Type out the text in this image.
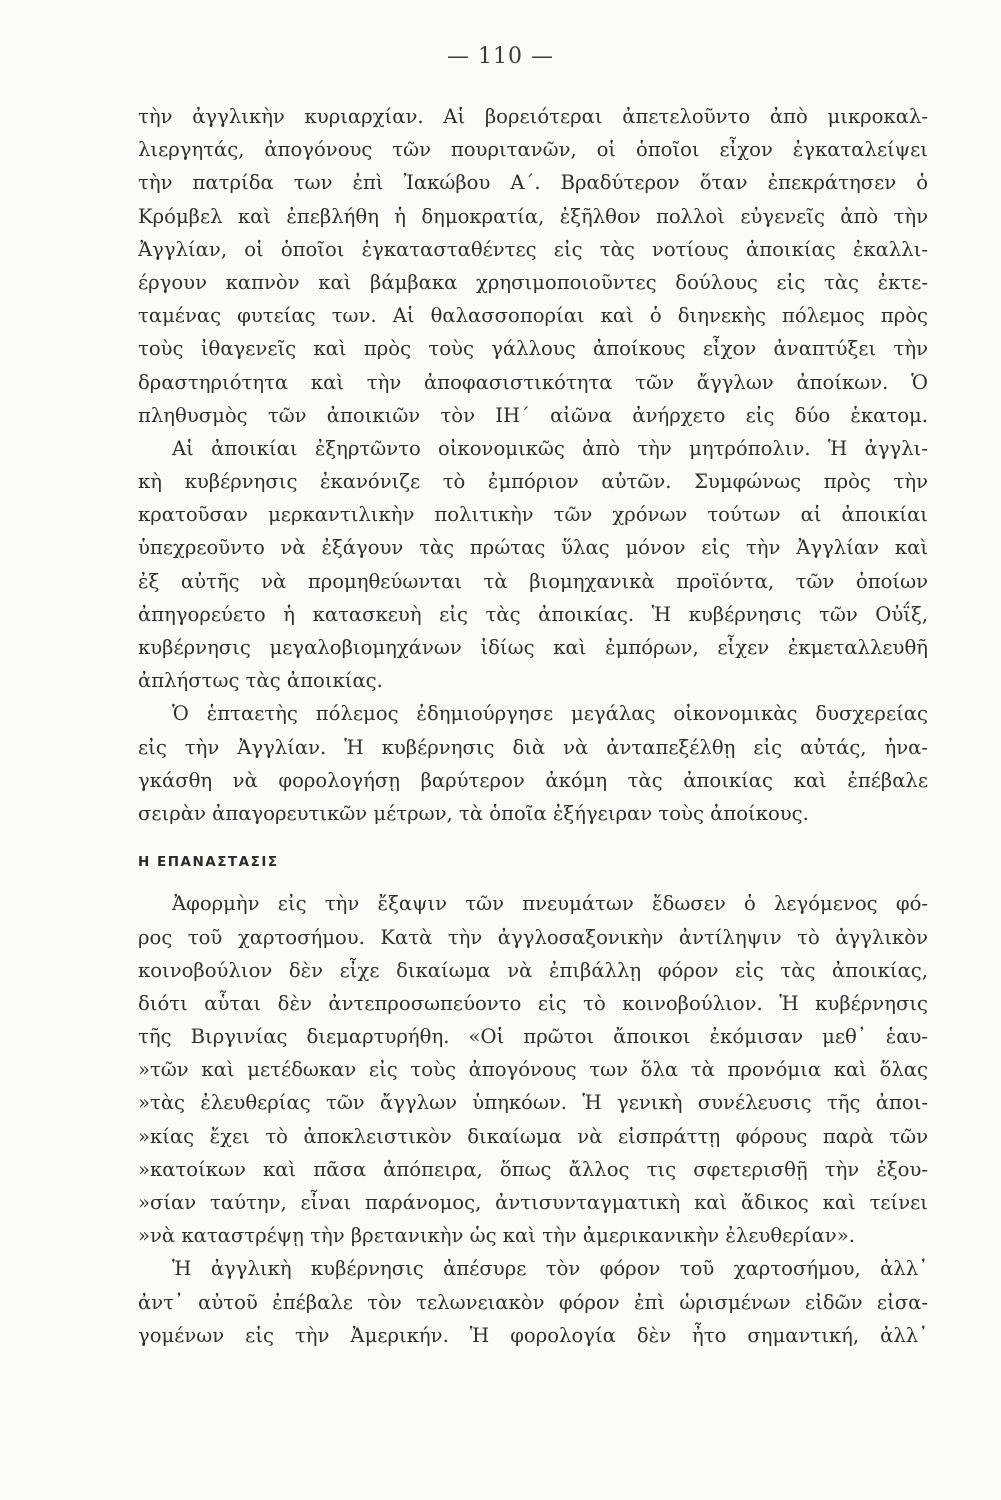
— 110 —
τὴν ἀγγλικὴν κυριαρχίαν. Αἱ βορειότεραι ἀπετελοῦντο ἀπὸ μικροκαλ-
λιεργητάς, ἀπογόνους τῶν πουριτανῶν, οἱ ὁποῖοι εἶχον ἐγκαταλείψει
τὴν πατρίδα των ἐπὶ Ἰακώβου Α΄. Βραδύτερον ὅταν ἐπεκράτησεν ὁ
Κρόμβελ καὶ ἐπεβλήθη ἡ δημοκρατία, ἐξῆλθον πολλοὶ εὐγενεῖς ἀπὸ τὴν
Ἀγγλίαν, οἱ ὁποῖοι ἐγκατασταθέντες εἰς τὰς νοτίους ἀποικίας ἐκαλλι-
έργουν καπνὸν καὶ βάμβακα χρησιμοποιοῦντες δούλους εἰς τὰς ἐκτε-
ταμένας φυτείας των. Αἱ θαλασσοπορίαι καὶ ὁ διηνεκὴς πόλεμος πρὸς
τοὺς ἰθαγενεῖς καὶ πρὸς τοὺς γάλλους ἀποίκους εἶχον ἀναπτύξει τὴν
δραστηριότητα καὶ τὴν ἀποφασιστικότητα τῶν ἄγγλων ἀποίκων. Ὁ
πληθυσμὸς τῶν ἀποικιῶν τὸν ΙΗ΄ αἰῶνα ἀνήρχετο εἰς δύο ἑκατομ.
Αἱ ἀποικίαι ἐξηρτῶντο οἰκονομικῶς ἀπὸ τὴν μητρόπολιν. Ἡ ἀγγλι-
κὴ κυβέρνησις ἐκανόνιζε τὸ ἐμπόριον αὐτῶν. Συμφώνως πρὸς τὴν
κρατοῦσαν μερκαντιλικὴν πολιτικὴν τῶν χρόνων τούτων αἱ ἀποικίαι
ὑπεχρεοῦντο νὰ ἐξάγουν τὰς πρώτας ὕλας μόνον εἰς τὴν Ἀγγλίαν καὶ
ἐξ αὐτῆς νὰ προμηθεύωνται τὰ βιομηχανικὰ προϊόντα, τῶν ὁποίων
ἀπηγορεύετο ἡ κατασκευὴ εἰς τὰς ἀποικίας. Ἡ κυβέρνησις τῶν Οὐΐξ,
κυβέρνησις μεγαλοβιομηχάνων ἰδίως καὶ ἐμπόρων, εἶχεν ἐκμεταλλευθῆ
ἀπλήστως τὰς ἀποικίας.
Ὁ ἑπταετὴς πόλεμος ἐδημιούργησε μεγάλας οἰκονομικὰς δυσχερείας
εἰς τὴν Ἀγγλίαν. Ἡ κυβέρνησις διὰ νὰ ἀνταπεξέλθῃ εἰς αὐτάς, ἠνα-
γκάσθη νὰ φορολογήσῃ βαρύτερον ἀκόμη τὰς ἀποικίας καὶ ἐπέβαλε
σειρὰν ἀπαγορευτικῶν μέτρων, τὰ ὁποῖα ἐξήγειραν τοὺς ἀποίκους.
Η ΕΠΑΝΑΣΤΑΣΙΣ
Ἀφορμὴν εἰς τὴν ἔξαψιν τῶν πνευμάτων ἔδωσεν ὁ λεγόμενος φό-
ρος τοῦ χαρτοσήμου. Κατὰ τὴν ἀγγλοσαξονικὴν ἀντίληψιν τὸ ἀγγλικὸν
κοινοβούλιον δὲν εἶχε δικαίωμα νὰ ἐπιβάλλῃ φόρον εἰς τὰς ἀποικίας,
διότι αὗται δὲν ἀντεπροσωπεύοντο εἰς τὸ κοινοβούλιον. Ἡ κυβέρνησις
τῆς Βιργινίας διεμαρτυρήθη. «Οἱ πρῶτοι ἄποικοι ἐκόμισαν μεθ᾿ ἑαυ-
»τῶν καὶ μετέδωκαν εἰς τοὺς ἀπογόνους των ὅλα τὰ προνόμια καὶ ὅλας
»τὰς ἐλευθερίας τῶν ἄγγλων ὑπηκόων. Ἡ γενικὴ συνέλευσις τῆς ἀποι-
»κίας ἔχει τὸ ἀποκλειστικὸν δικαίωμα νὰ εἰσπράττῃ φόρους παρὰ τῶν
»κατοίκων καὶ πᾶσα ἀπόπειρα, ὅπως ἄλλος τις σφετερισθῇ τὴν ἐξου-
»σίαν ταύτην, εἶναι παράνομος, ἀντισυνταγματικὴ καὶ ἄδικος καὶ τείνει
»νὰ καταστρέψῃ τὴν βρετανικὴν ὡς καὶ τὴν ἀμερικανικὴν ἐλευθερίαν».
Ἡ ἀγγλικὴ κυβέρνησις ἀπέσυρε τὸν φόρον τοῦ χαρτοσήμου, ἀλλ᾿
ἀντ᾿ αὐτοῦ ἐπέβαλε τὸν τελωνειακὸν φόρον ἐπὶ ὡρισμένων εἰδῶν εἰσα-
γομένων εἰς τὴν Ἀμερικήν. Ἡ φορολογία δὲν ἦτο σημαντική, ἀλλ᾿
